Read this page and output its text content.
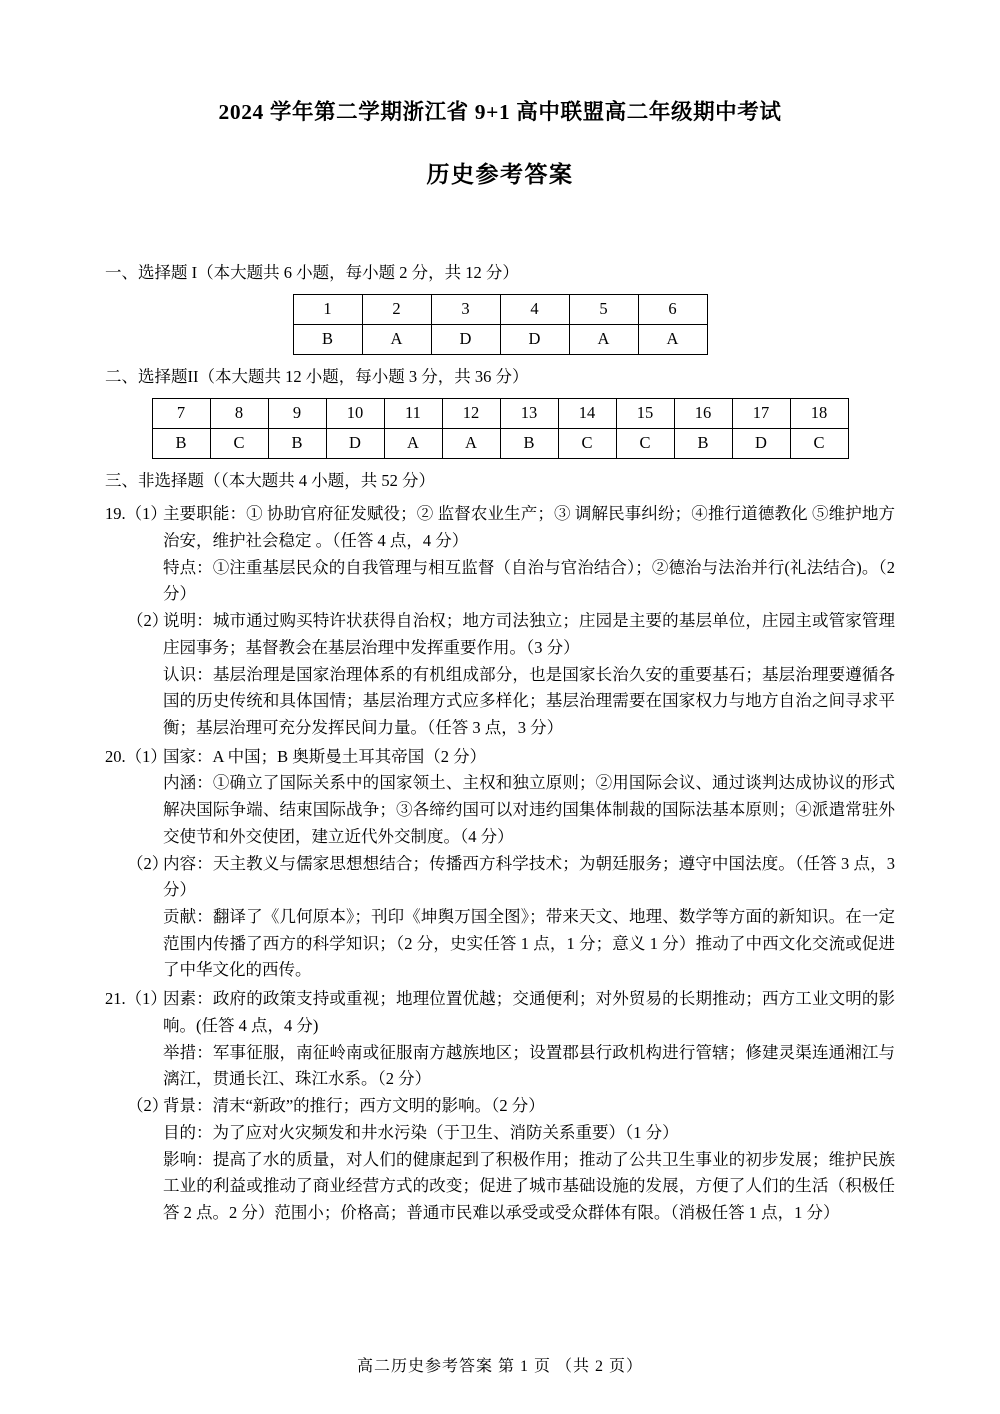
2024 学年第二学期浙江省 9+1 高中联盟高二年级期中考试
历史参考答案
一、选择题 I（本大题共 6 小题，每小题 2 分，共 12 分）
1	2	3	4	5	6
B	A	D	D	A	A
二、选择题II（本大题共 12 小题，每小题 3 分，共 36 分）
7	8	9	10	11	12	13	14	15	16	17	18
B	C	B	D	A	A	B	C	C	B	D	C
三、非选择题（（本大题共 4 小题，共 52 分）
19.（1）
主要职能：① 协助官府征发赋役；② 监督农业生产；③ 调解民事纠纷；④推行道德教化 ⑤维护地方治安，维护社会稳定 。（任答 4 点，4 分）
特点：①注重基层民众的自我管理与相互监督（自治与官治结合）；②德治与法治并行(礼法结合)。（2 分）
（2）
说明：城市通过购买特许状获得自治权；地方司法独立；庄园是主要的基层单位，庄园主或管家管理庄园事务；基督教会在基层治理中发挥重要作用。（3 分）
认识：基层治理是国家治理体系的有机组成部分，也是国家长治久安的重要基石；基层治理要遵循各国的历史传统和具体国情；基层治理方式应多样化；基层治理需要在国家权力与地方自治之间寻求平衡；基层治理可充分发挥民间力量。（任答 3 点，3 分）
20.（1）
国家：A 中国；B 奥斯曼土耳其帝国（2 分）
内涵：①确立了国际关系中的国家领土、主权和独立原则；②用国际会议、通过谈判达成协议的形式解决国际争端、结束国际战争；③各缔约国可以对违约国集体制裁的国际法基本原则；④派遣常驻外交使节和外交使团，建立近代外交制度。（4 分）
（2）
内容：天主教义与儒家思想想结合；传播西方科学技术；为朝廷服务；遵守中国法度。（任答 3 点，3 分）
贡献：翻译了《几何原本》；刊印《坤舆万国全图》；带来天文、地理、数学等方面的新知识。在一定范围内传播了西方的科学知识；（2 分，史实任答 1 点，1 分；意义 1 分）推动了中西文化交流或促进了中华文化的西传。
21.（1）
因素：政府的政策支持或重视；地理位置优越；交通便利；对外贸易的长期推动；西方工业文明的影响。(任答 4 点，4 分)
举措：军事征服，南征岭南或征服南方越族地区；设置郡县行政机构进行管辖；修建灵渠连通湘江与漓江，贯通长江、珠江水系。（2 分）
（2）
背景：清末“新政”的推行；西方文明的影响。（2 分）
目的：为了应对火灾频发和井水污染（于卫生、消防关系重要）（1 分）
影响：提高了水的质量，对人们的健康起到了积极作用；推动了公共卫生事业的初步发展；维护民族工业的利益或推动了商业经营方式的改变；促进了城市基础设施的发展，方便了人们的生活（积极任答 2 点。2 分）范围小；价格高；普通市民难以承受或受众群体有限。（消极任答 1 点，1 分）
高二历史参考答案 第 1 页 （共 2 页）
